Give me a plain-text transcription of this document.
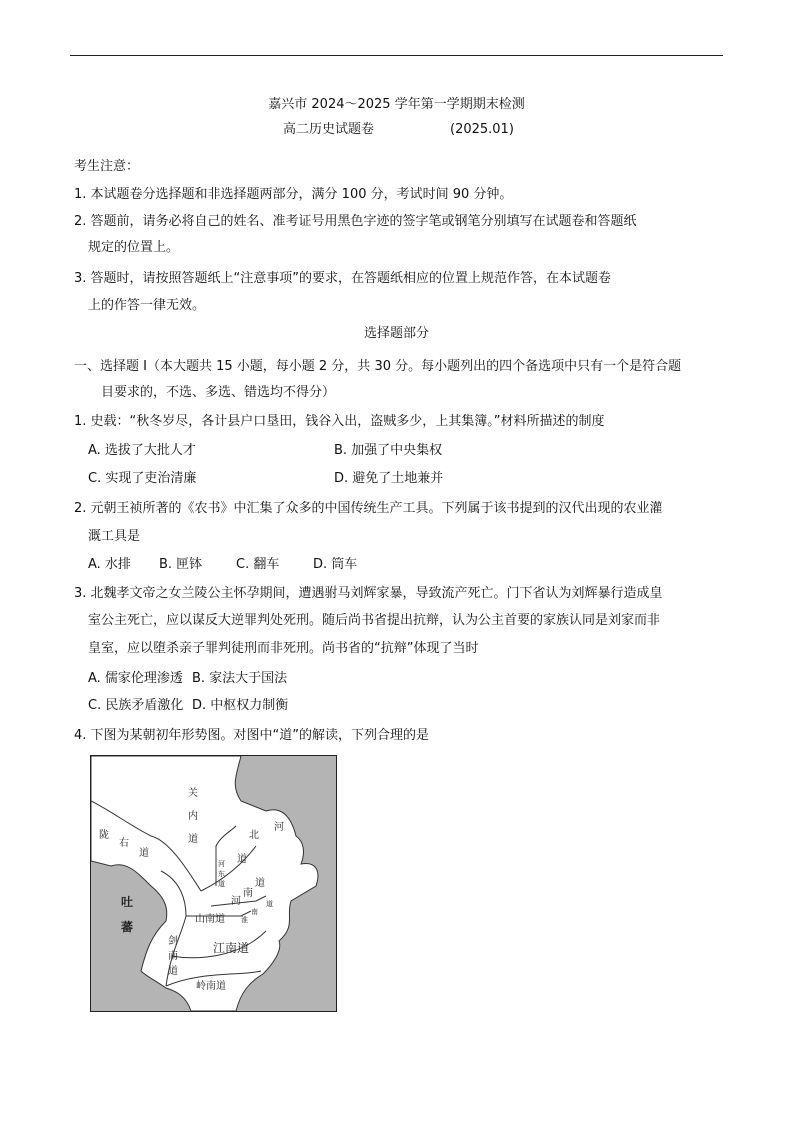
嘉兴市 2024～2025 学年第一学期期末检测
高二历史试题卷	(2025.01)
考生注意：
1. 本试题卷分选择题和非选择题两部分，满分 100 分，考试时间 90 分钟。
2. 答题前，请务必将自己的姓名、准考证号用黑色字迹的签字笔或钢笔分别填写在试题卷和答题纸
规定的位置上。
3. 答题时，请按照答题纸上“注意事项”的要求，在答题纸相应的位置上规范作答，在本试题卷
上的作答一律无效。
选择题部分
一、选择题 Ⅰ（本大题共 15 小题，每小题 2 分，共 30 分。每小题列出的四个备选项中只有一个是符合题
目要求的，不选、多选、错选均不得分）
1. 史载：“秋冬岁尽，各计县户口垦田，钱谷入出，盗贼多少，上其集簿。”材料所描述的制度
A. 选拔了大批人才	B. 加强了中央集权
C. 实现了吏治清廉	D. 避免了土地兼并
2. 元朝王祯所著的《农书》中汇集了众多的中国传统生产工具。下列属于该书提到的汉代出现的农业灌
溉工具是
A. 水排 B. 匣钵	C. 翻车	D. 筒车
3. 北魏孝文帝之女兰陵公主怀孕期间，遭遇驸马刘辉家暴，导致流产死亡。门下省认为刘辉暴行造成皇
室公主死亡，应以谋反大逆罪判处死刑。随后尚书省提出抗辩，认为公主首要的家族认同是刘家而非
皇室，应以堕杀亲子罪判徒刑而非死刑。尚书省的“抗辩”体现了当时
A. 儒家伦理渗透 B. 家法大于国法
C. 民族矛盾激化 D. 中枢权力制衡
4. 下图为某朝初年形势图。对图中“道”的解读，下列合理的是
关
内
道
陇
右
道
河
北
道
河
东
道
河
南
道
淮
南
道
山南道
吐
蕃
剑
南
道
江南道
岭南道
